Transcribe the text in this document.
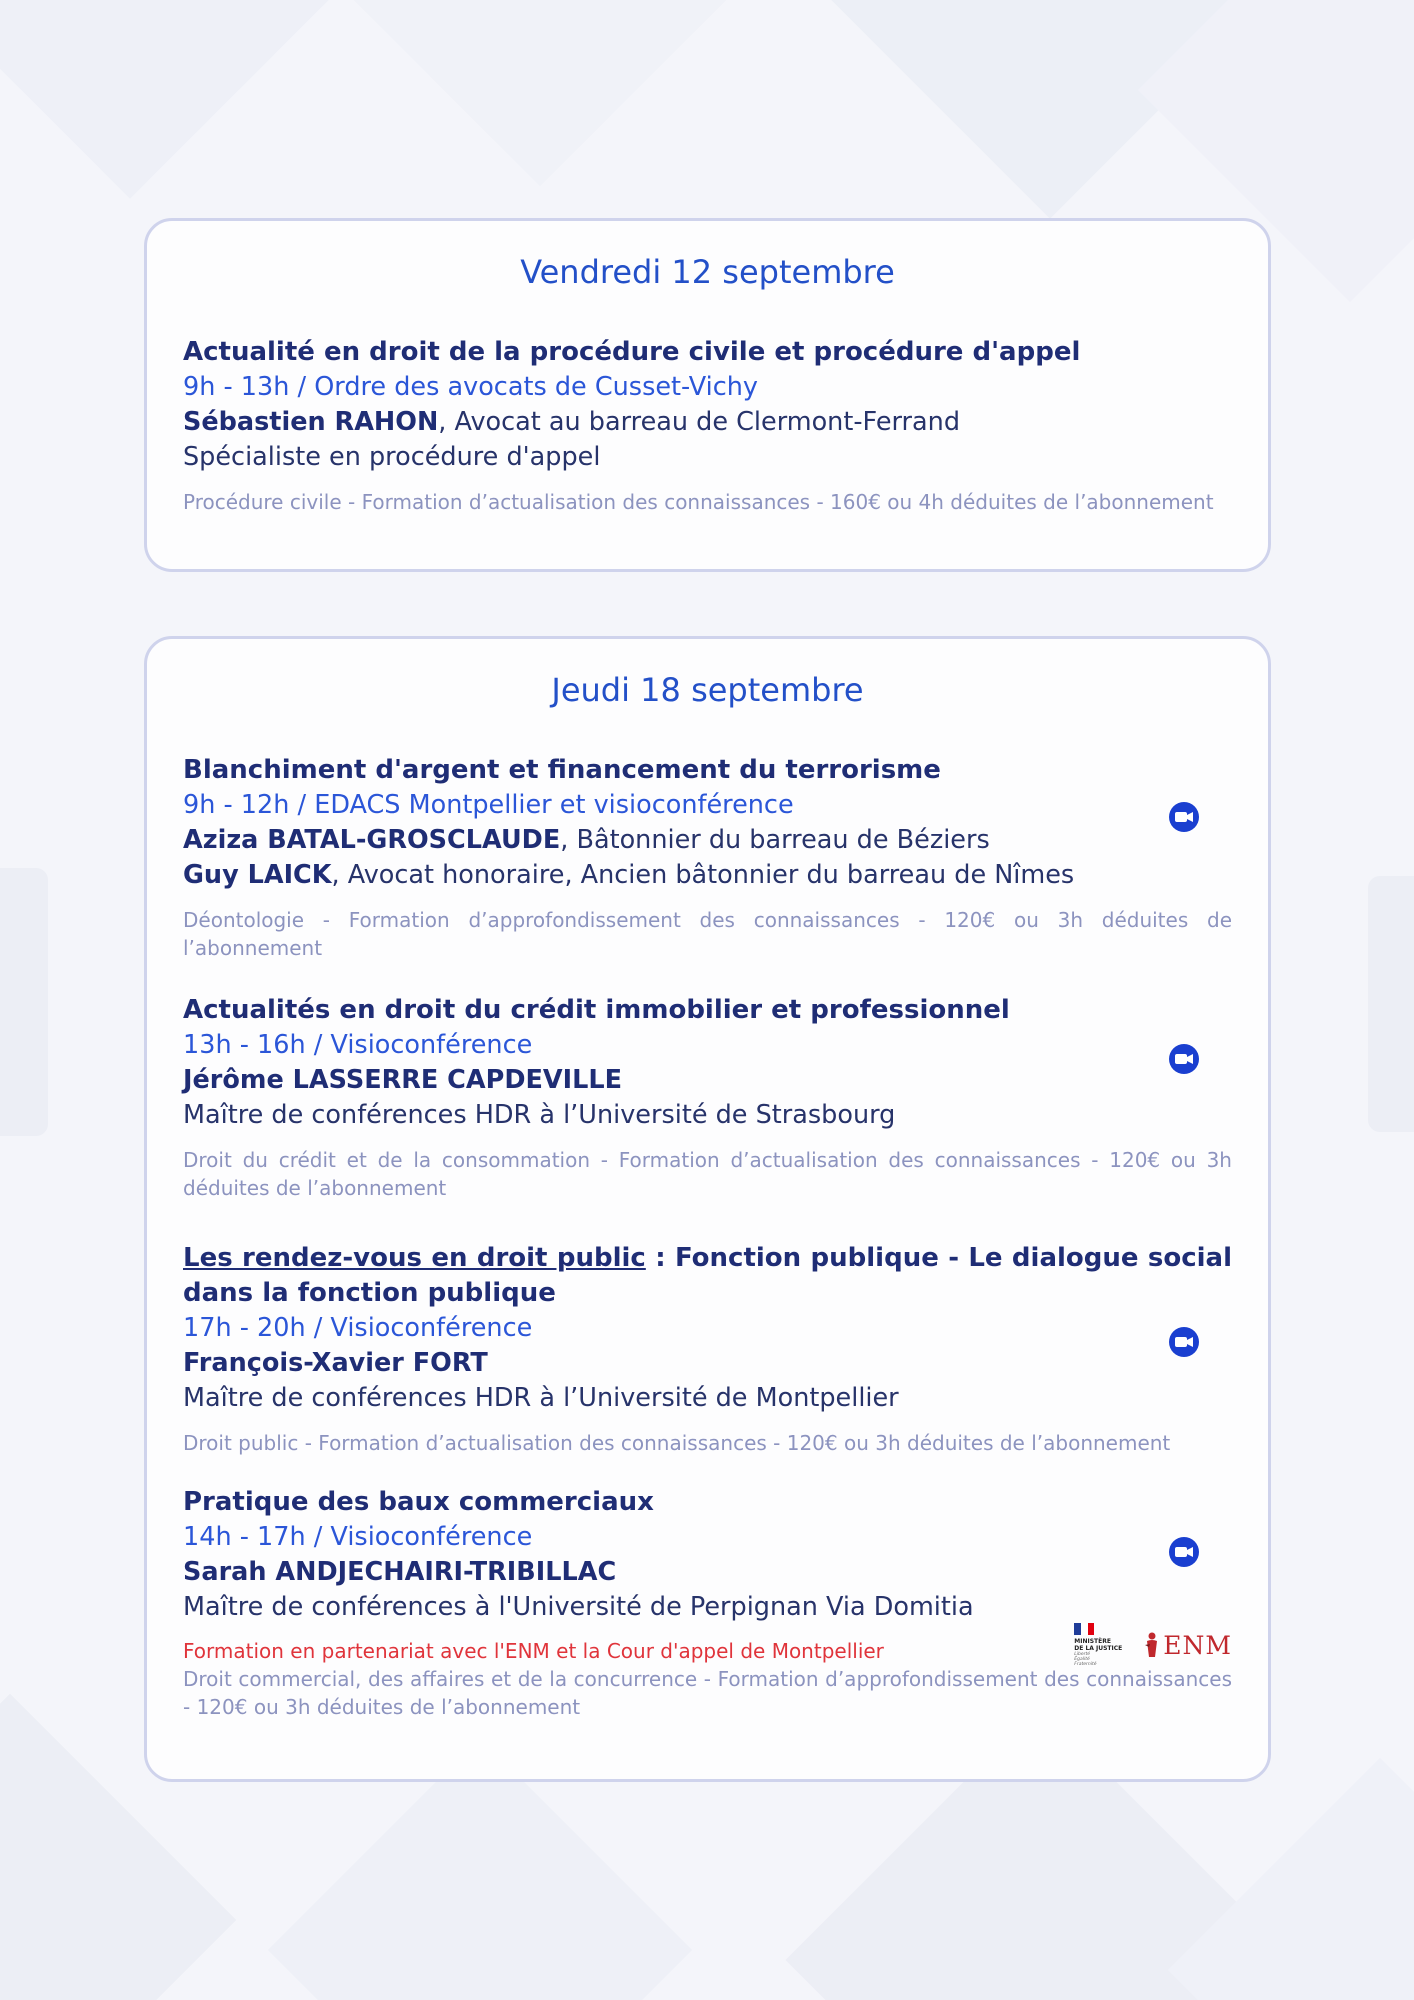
Vendredi 12 septembre
Actualité en droit de la procédure civile et procédure d'appel
9h - 13h / Ordre des avocats de Cusset-Vichy
Sébastien RAHON, Avocat au barreau de Clermont-Ferrand
Spécialiste en procédure d'appel
Procédure civile - Formation d’actualisation des connaissances - 160€ ou 4h déduites de l’abonnement
Jeudi 18 septembre
Blanchiment d'argent et financement du terrorisme
9h - 12h / EDACS Montpellier et visioconférence
Aziza BATAL-GROSCLAUDE, Bâtonnier du barreau de Béziers
Guy LAICK, Avocat honoraire, Ancien bâtonnier du barreau de Nîmes
Déontologie - Formation d’approfondissement des connaissances - 120€ ou 3h déduites de l’abonnement
Actualités en droit du crédit immobilier et professionnel
13h - 16h / Visioconférence
Jérôme LASSERRE CAPDEVILLE
Maître de conférences HDR à l’Université de Strasbourg
Droit du crédit et de la consommation - Formation d’actualisation des connaissances - 120€ ou 3h déduites de l’abonnement
Les rendez-vous en droit public : Fonction publique - Le dialogue social dans la fonction publique
17h - 20h / Visioconférence
François-Xavier FORT
Maître de conférences HDR à l’Université de Montpellier
Droit public - Formation d’actualisation des connaissances - 120€ ou 3h déduites de l’abonnement
Pratique des baux commerciaux
14h - 17h / Visioconférence
Sarah ANDJECHAIRI-TRIBILLAC
Maître de conférences à l'Université de Perpignan Via Domitia
Formation en partenariat avec l'ENM et la Cour d'appel de Montpellier
Droit commercial, des affaires et de la concurrence - Formation d’approfondissement des connaissances - 120€ ou 3h déduites de l’abonnement
MINISTÈRE
DE LA JUSTICE
Liberté
Égalité
Fraternité
ENM
